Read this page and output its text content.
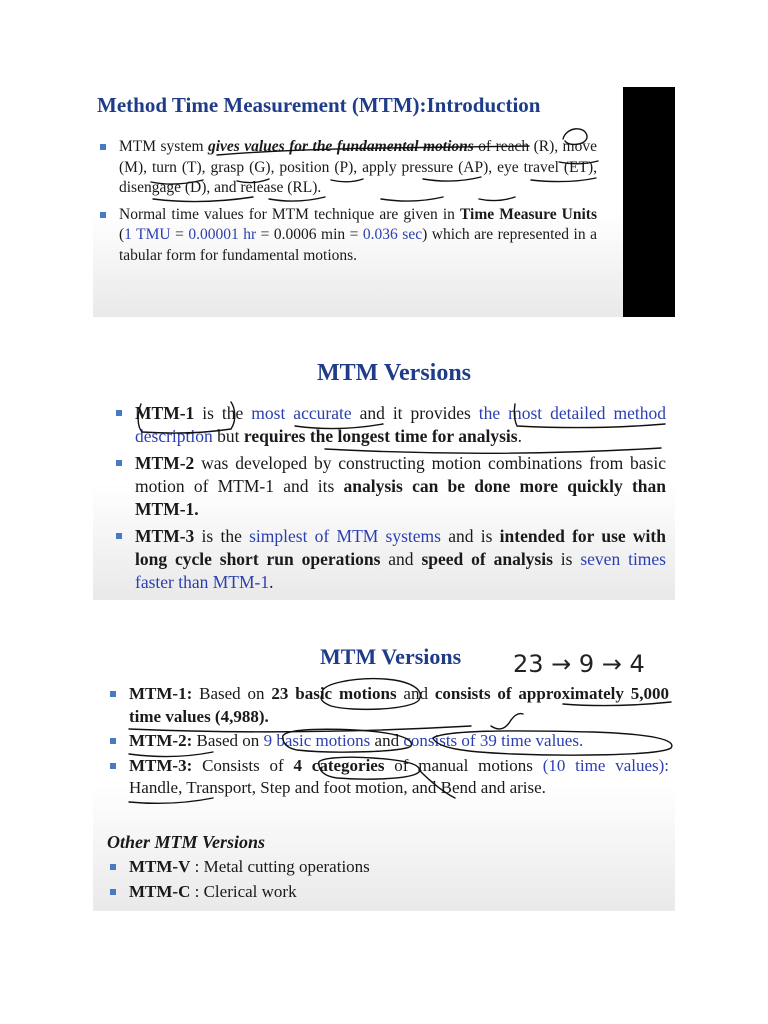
Method Time Measurement (MTM):Introduction
MTM system gives values for the fundamental motions of reach (R), move (M), turn (T), grasp (G), position (P), apply pressure (AP), eye travel (ET), disengage (D), and release (RL).
Normal time values for MTM technique are given in Time Measure Units (1 TMU = 0.00001 hr = 0.0006 min = 0.036 sec) which are represented in a tabular form for fundamental motions.
MTM Versions
MTM-1 is the most accurate and it provides the most detailed method description but requires the longest time for analysis.
MTM-2 was developed by constructing motion combinations from basic motion of MTM-1 and its analysis can be done more quickly than MTM-1.
MTM-3 is the simplest of MTM systems and is intended for use with long cycle short run operations and speed of analysis is seven times faster than MTM-1.
MTM Versions
MTM-1: Based on 23 basic motions and consists of approximately 5,000 time values (4,988).
MTM-2: Based on 9 basic motions and consists of 39 time values.
MTM-3: Consists of 4 categories of manual motions (10 time values): Handle, Transport, Step and foot motion, and Bend and arise.
Other MTM Versions
MTM-V : Metal cutting operations
MTM-C : Clerical work
23 → 9 → 4
